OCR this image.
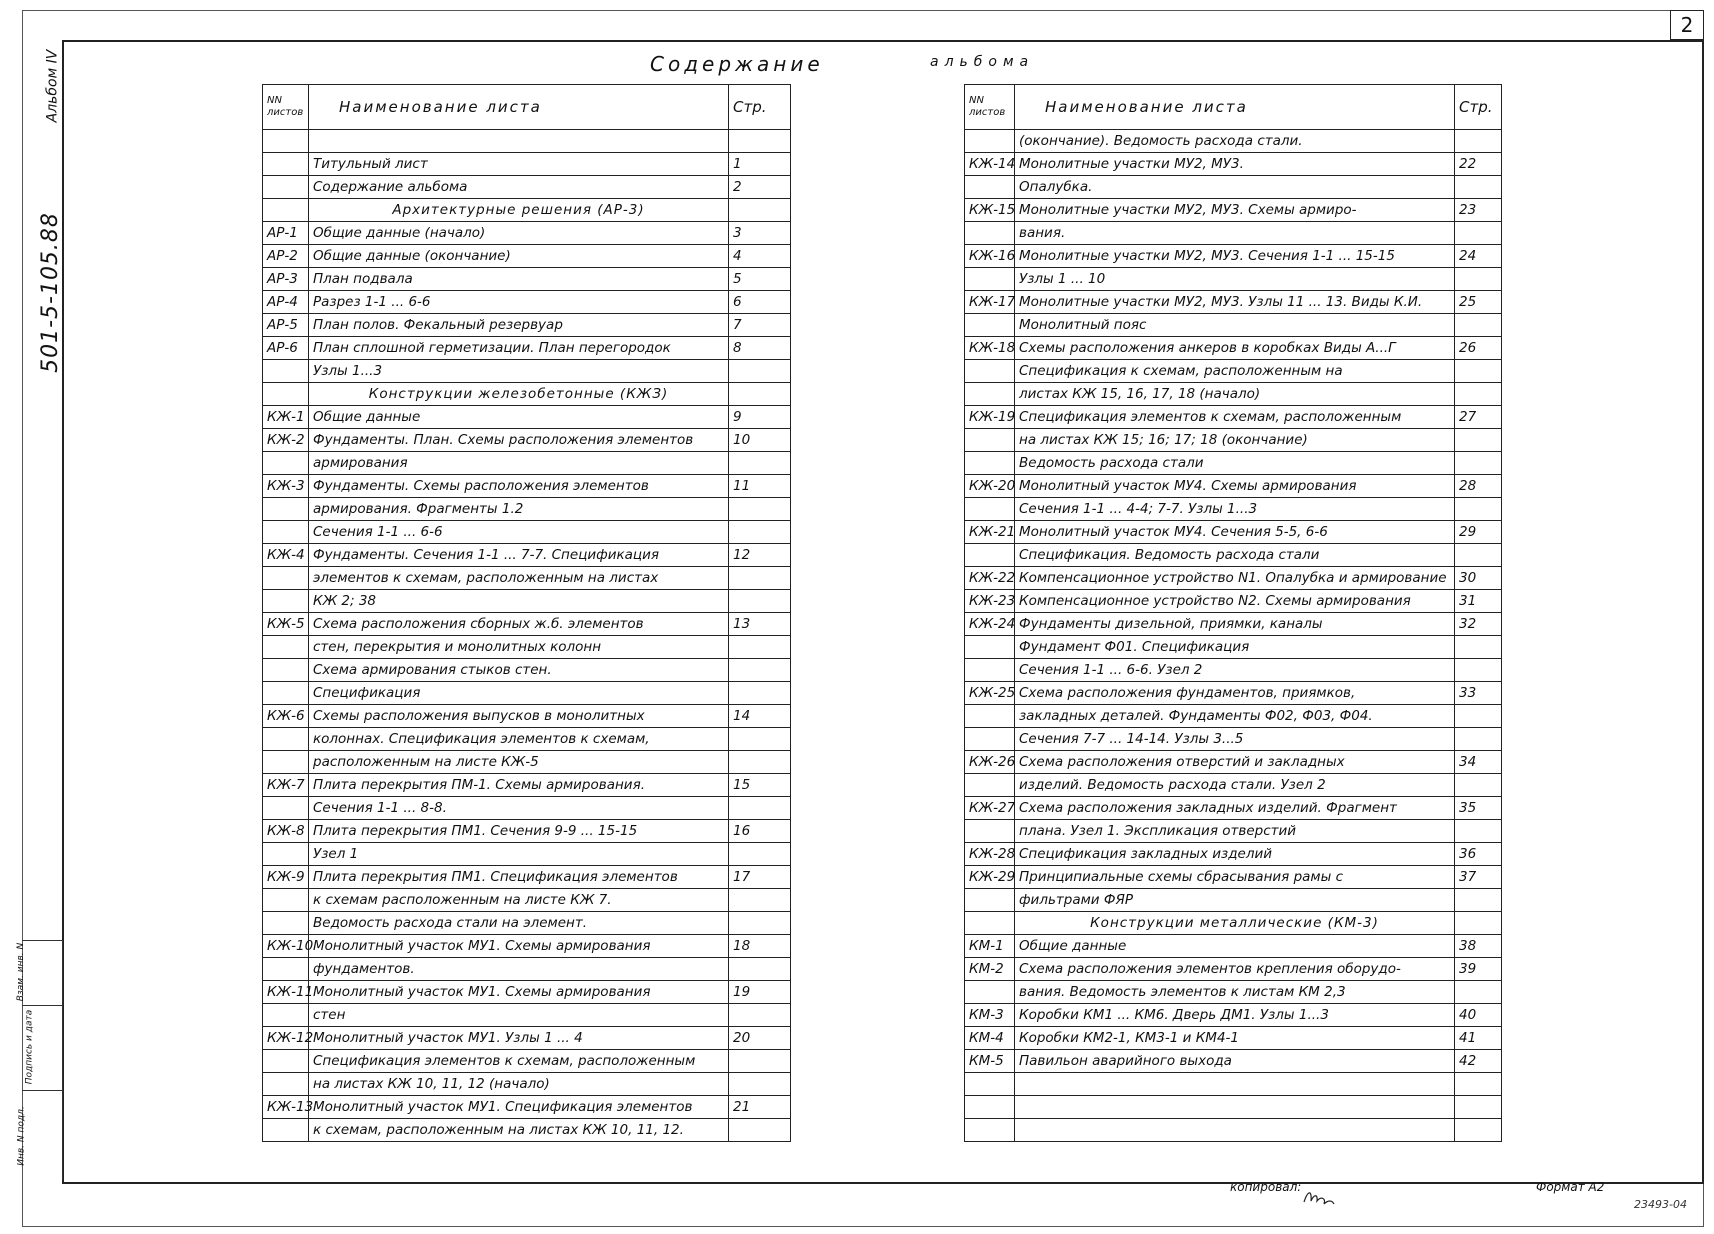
2
Альбом IV
501-5-105.88
Инв. N подл.
Подпись и дата
Взам. инв. N
Содержание	альбома
NN листов	Наименование листа	Стр.

	Титульный лист	1
	Содержание альбома	2
	Архитектурные решения (АР-3)	
АР-1	Общие данные (начало)	3
АР-2	Общие данные (окончание)	4
АР-3	План подвала	5
АР-4	Разрез 1-1 ... 6-6	6
АР-5	План полов. Фекальный резервуар	7
АР-6	План сплошной герметизации. План перегородок	8
	Узлы 1...3	
	Конструкции железобетонные (КЖЗ)	
КЖ-1	Общие данные	9
КЖ-2	Фундаменты. План. Схемы расположения элементов	10
	армирования	
КЖ-3	Фундаменты. Схемы расположения элементов	11
	армирования. Фрагменты 1.2	
	Сечения 1-1 ... 6-6	
КЖ-4	Фундаменты. Сечения 1-1 ... 7-7. Спецификация	12
	элементов к схемам, расположенным на листах	
	КЖ 2; 38	
КЖ-5	Схема расположения сборных ж.б. элементов	13
	стен, перекрытия и монолитных колонн	
	Схема армирования стыков стен.	
	Спецификация	
КЖ-6	Схемы расположения выпусков в монолитных	14
	колоннах. Спецификация элементов к схемам,	
	расположенным на листе КЖ-5	
КЖ-7	Плита перекрытия ПМ-1. Схемы армирования.	15
	Сечения 1-1 ... 8-8.	
КЖ-8	Плита перекрытия ПМ1. Сечения 9-9 ... 15-15	16
	Узел 1	
КЖ-9	Плита перекрытия ПМ1. Спецификация элементов	17
	к схемам расположенным на листе КЖ 7.	
	Ведомость расхода стали на элемент.	
КЖ-10	Монолитный участок МУ1. Схемы армирования	18
	фундаментов.	
КЖ-11	Монолитный участок МУ1. Схемы армирования	19
	стен	
КЖ-12	Монолитный участок МУ1. Узлы 1 ... 4	20
	Спецификация элементов к схемам, расположенным	
	на листах КЖ 10, 11, 12 (начало)	
КЖ-13	Монолитный участок МУ1. Спецификация элементов	21
	к схемам, расположенным на листах КЖ 10, 11, 12.	
NN листов	Наименование листа	Стр.
	(окончание). Ведомость расхода стали.	
КЖ-14	Монолитные участки МУ2, МУ3.	22
	Опалубка.	
КЖ-15	Монолитные участки МУ2, МУ3. Схемы армиро-	23
	вания.	
КЖ-16	Монолитные участки МУ2, МУ3. Сечения 1-1 ... 15-15	24
	Узлы 1 ... 10	
КЖ-17	Монолитные участки МУ2, МУ3. Узлы 11 ... 13. Виды К.И.	25
	Монолитный пояс	
КЖ-18	Схемы расположения анкеров в коробках Виды А...Г	26
	Спецификация к схемам, расположенным на	
	листах КЖ 15, 16, 17, 18 (начало)	
КЖ-19	Спецификация элементов к схемам, расположенным	27
	на листах КЖ 15; 16; 17; 18 (окончание)	
	Ведомость расхода стали	
КЖ-20	Монолитный участок МУ4. Схемы армирования	28
	Сечения 1-1 ... 4-4; 7-7. Узлы 1...3	
КЖ-21	Монолитный участок МУ4. Сечения 5-5, 6-6	29
	Спецификация. Ведомость расхода стали	
КЖ-22	Компенсационное устройство N1. Опалубка и армирование	30
КЖ-23	Компенсационное устройство N2. Схемы армирования	31
КЖ-24	Фундаменты дизельной, приямки, каналы	32
	Фундамент Ф01. Спецификация	
	Сечения 1-1 ... 6-6. Узел 2	
КЖ-25	Схема расположения фундаментов, приямков,	33
	закладных деталей. Фундаменты Ф02, Ф03, Ф04.	
	Сечения 7-7 ... 14-14. Узлы 3...5	
КЖ-26	Схема расположения отверстий и закладных	34
	изделий. Ведомость расхода стали. Узел 2	
КЖ-27	Схема расположения закладных изделий. Фрагмент	35
	плана. Узел 1. Экспликация отверстий	
КЖ-28	Спецификация закладных изделий	36
КЖ-29	Принципиальные схемы сбрасывания рамы с	37
	фильтрами ФЯР	
	Конструкции металлические (КМ-3)	
КМ-1	Общие данные	38
КМ-2	Схема расположения элементов крепления оборудо-	39
	вания. Ведомость элементов к листам КМ 2,3	
КМ-3	Коробки КМ1 ... КМ6. Дверь ДМ1. Узлы 1...3	40
КМ-4	Коробки КМ2-1, КМ3-1 и КМ4-1	41
КМ-5	Павильон аварийного выхода	42

копировал:	Формат А2
23493-04
